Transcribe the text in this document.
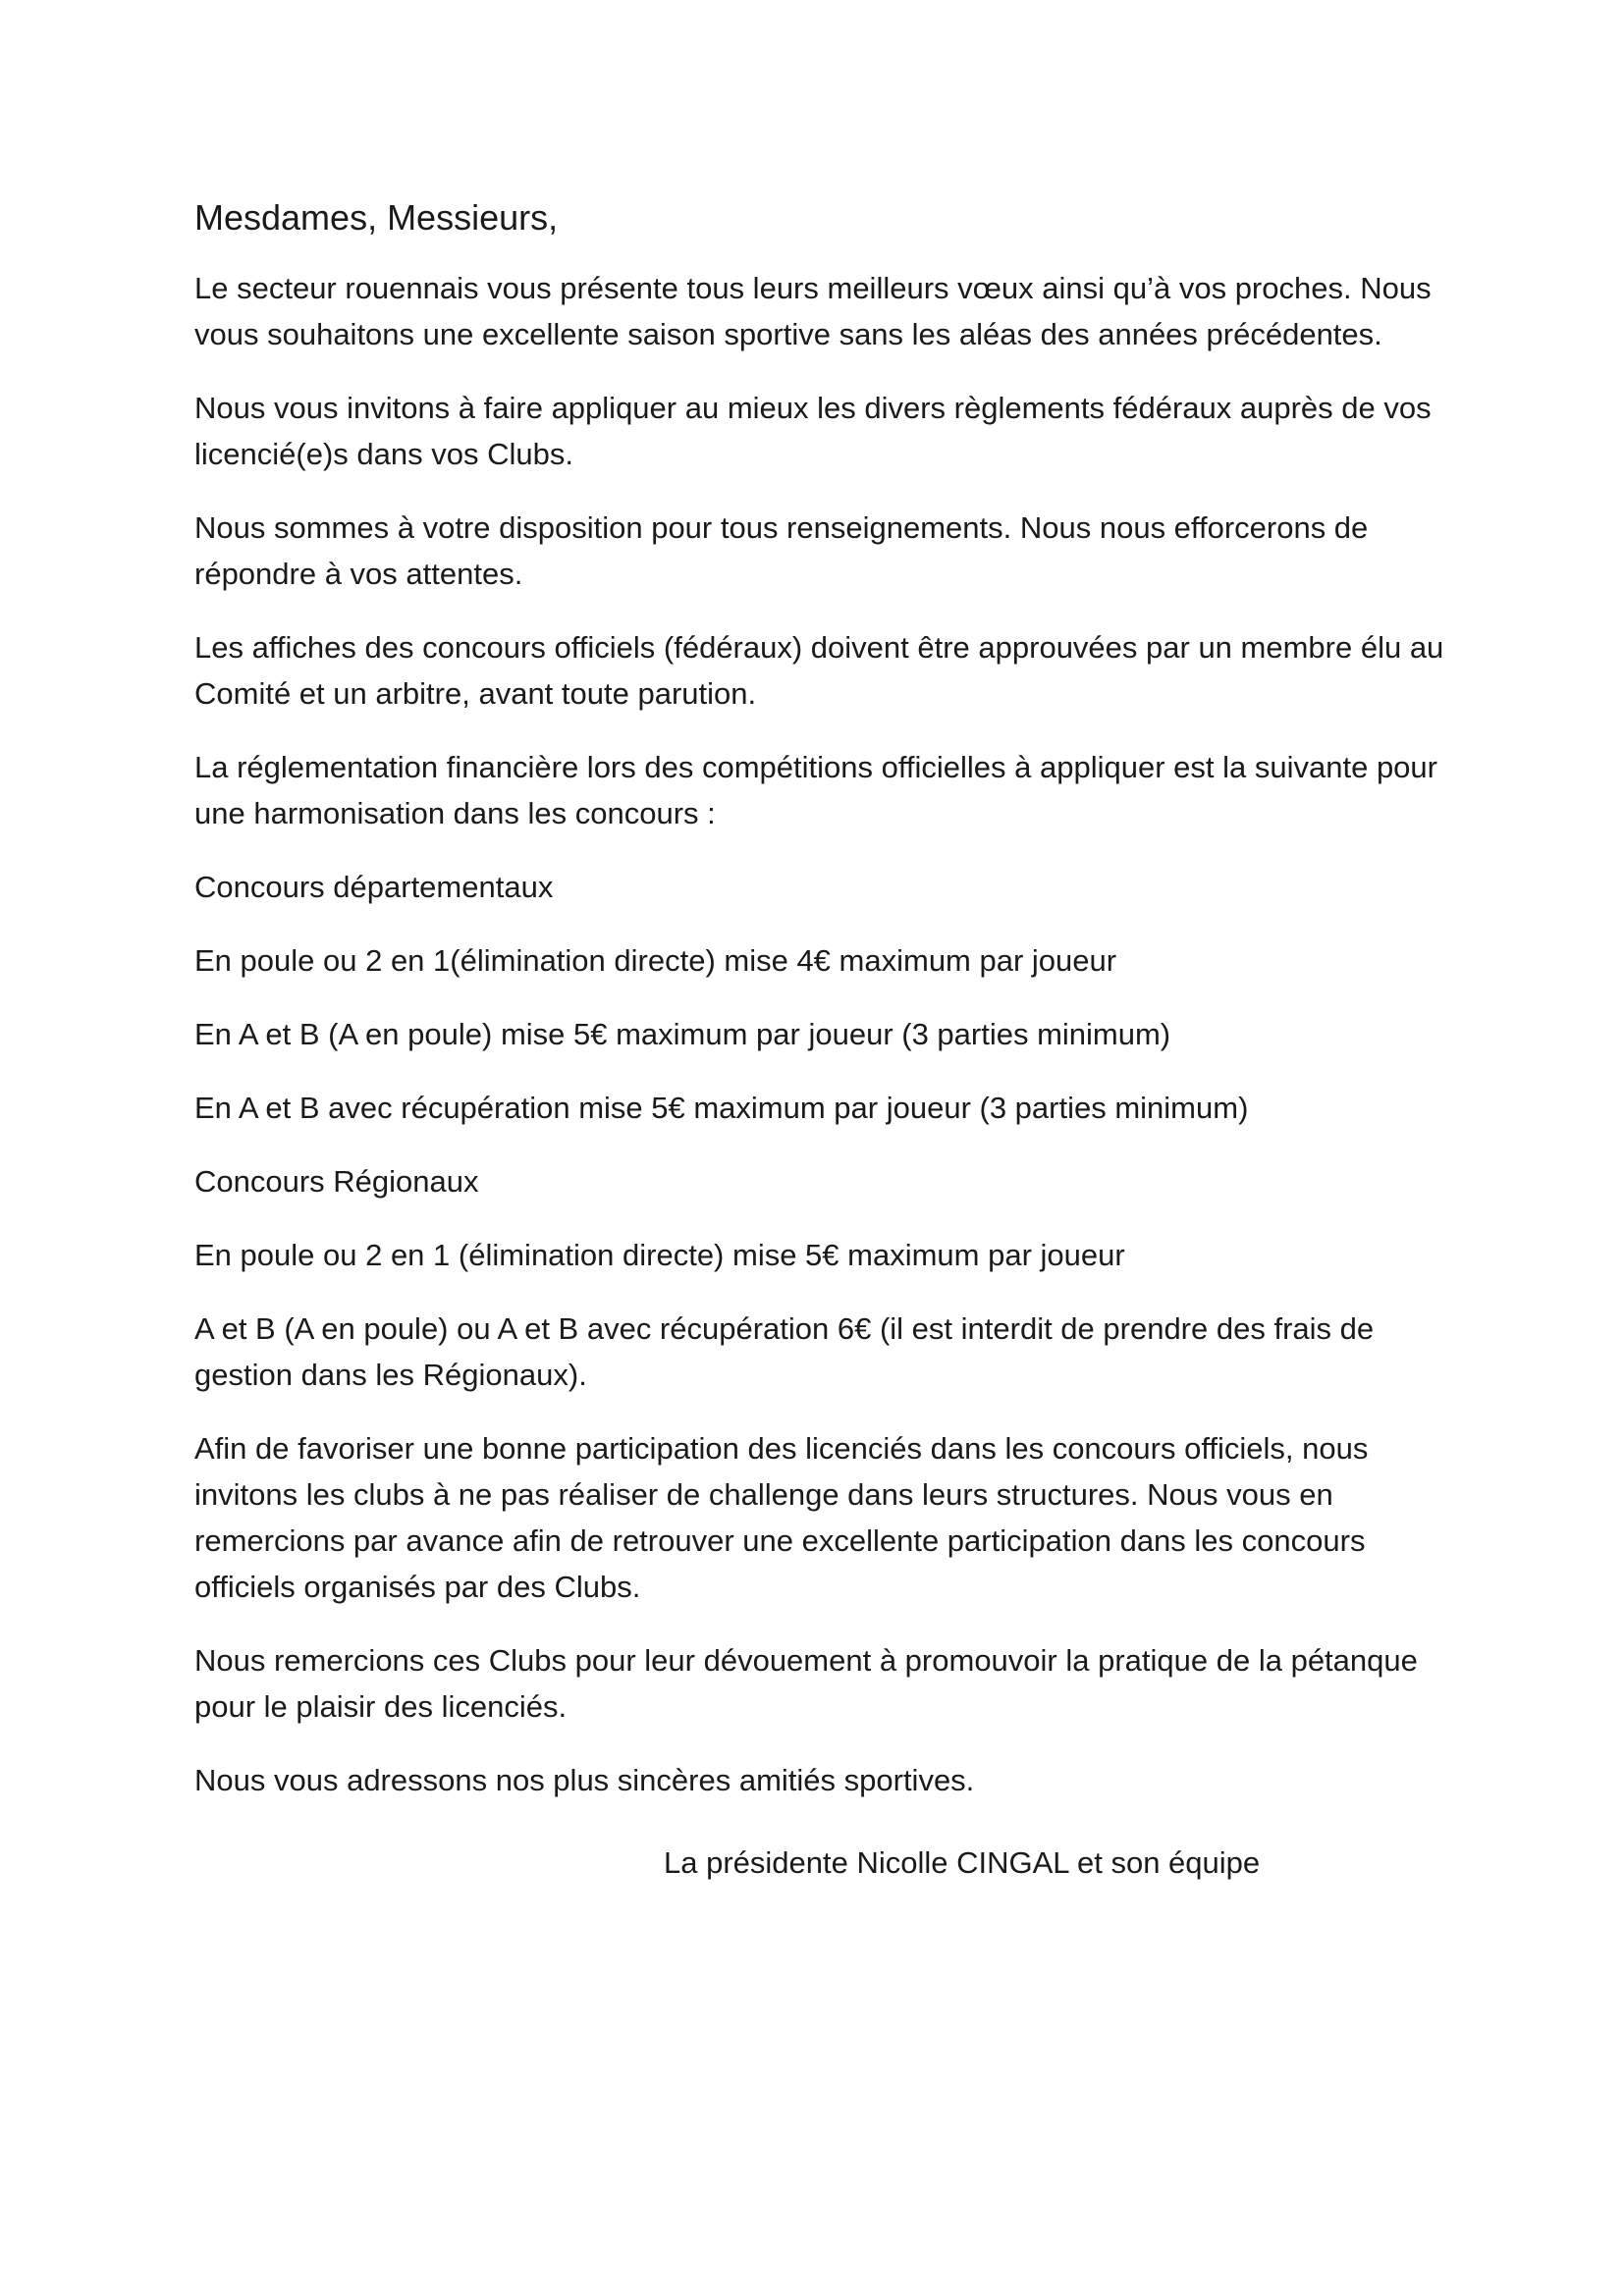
Mesdames, Messieurs,

Le secteur rouennais vous présente tous leurs meilleurs vœux ainsi qu’à vos proches. Nous vous souhaitons une excellente saison sportive sans les aléas des années précédentes.

Nous vous invitons à faire appliquer au mieux les divers règlements fédéraux auprès de vos licencié(e)s dans vos Clubs.

Nous sommes à votre disposition pour tous renseignements. Nous nous efforcerons de répondre à vos attentes.

Les affiches des concours officiels (fédéraux) doivent être approuvées par un membre élu au Comité et un arbitre, avant toute parution.

La réglementation financière lors des compétitions officielles à appliquer est la suivante pour une harmonisation dans les concours :

Concours départementaux

En poule ou 2 en 1(élimination directe) mise 4€ maximum par joueur

En A et B (A en poule) mise 5€ maximum par joueur (3 parties minimum)

En A et B avec récupération mise 5€ maximum par joueur (3 parties minimum)

Concours Régionaux

En poule ou 2 en 1 (élimination directe) mise 5€ maximum par joueur

A et B (A en poule) ou A et B avec récupération 6€ (il est interdit de prendre des frais de gestion dans les Régionaux).

Afin de favoriser une bonne participation des licenciés dans les concours officiels, nous invitons les clubs à ne pas réaliser de challenge dans leurs structures. Nous vous en remercions par avance afin de retrouver une excellente participation dans les concours officiels organisés par des Clubs.

Nous remercions ces Clubs pour leur dévouement à promouvoir la pratique de la pétanque pour le plaisir des licenciés.

Nous vous adressons nos plus sincères amitiés sportives.

La présidente Nicolle CINGAL et son équipe
